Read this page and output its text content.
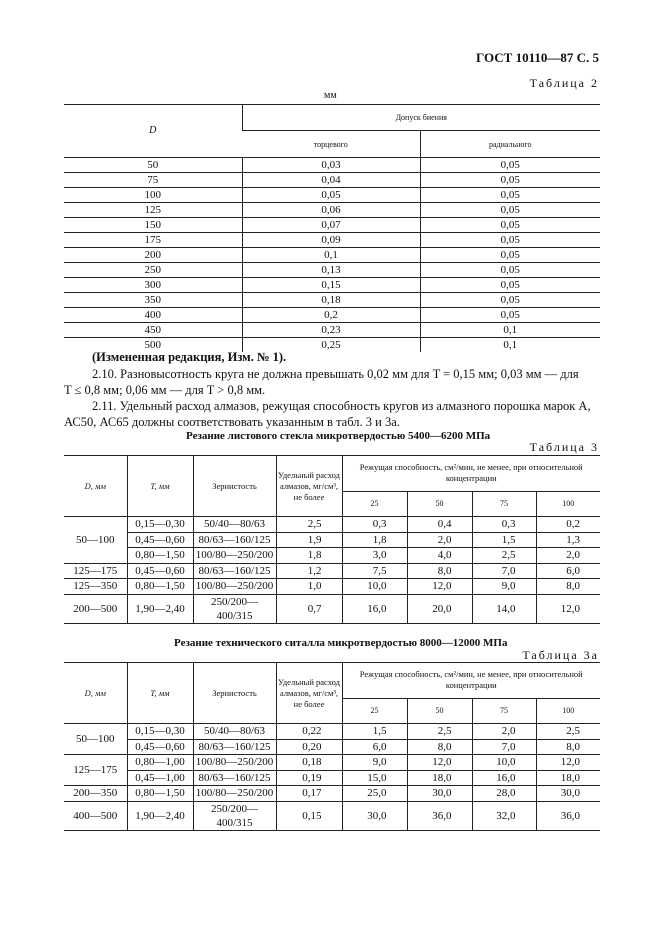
ГОСТ 10110—87 С. 5
Таблица 2
мм
D	Допуск биения	
	торцевого	радиального
50	0,03	0,05
75	0,04	0,05
100	0,05	0,05
125	0,06	0,05
150	0,07	0,05
175	0,09	0,05
200	0,1	0,05
250	0,13	0,05
300	0,15	0,05
350	0,18	0,05
400	0,2	0,05
450	0,23	0,1
500	0,25	0,1

(Измененная редакция, Изм. № 1).

2.10. Разновысотность круга не должна превышать 0,02 мм для T = 0,15 мм; 0,03 мм — для

T ≤ 0,8 мм; 0,06 мм — для T > 0,8 мм.

2.11. Удельный расход алмазов, режущая способность кругов из алмазного порошка марок А,

АС50, АС65 должны соответствовать указанным в табл. 3 и 3а.

Резание листового стекла микротвердостью 5400—6200 МПа
Таблица 3
D, мм	T, мм	Зернистость	Удельный расход алмазов, мг/см³, не более	Режущая способность, см²/мин, не менее, при относительной концентрации			
				25	50	75	100
50—100	0,15—0,30	50/40—80/63	2,5	0,3	0,4	0,3	0,2
	0,45—0,60	80/63—160/125	1,9	1,8	2,0	1,5	1,3
	0,80—1,50	100/80—250/200	1,8	3,0	4,0	2,5	2,0
125—175	0,45—0,60	80/63—160/125	1,2	7,5	8,0	7,0	6,0
125—350	0,80—1,50	100/80—250/200	1,0	10,0	12,0	9,0	8,0
200—500	1,90—2,40	250/200—400/315	0,7	16,0	20,0	14,0	12,0
Резание технического ситалла микротвердостью 8000—12000 МПа
Таблица 3а
D, мм	T, мм	Зернистость	Удельный расход алмазов, мг/см³, не более	Режущая способность, см²/мин, не менее, при относительной концентрации			
				25	50	75	100
50—100	0,15—0,30	50/40—80/63	0,22	1,5	2,5	2,0	2,5
	0,45—0,60	80/63—160/125	0,20	6,0	8,0	7,0	8,0
125—175	0,80—1,00	100/80—250/200	0,18	9,0	12,0	10,0	12,0
	0,45—1,00	80/63—160/125	0,19	15,0	18,0	16,0	18,0
200—350	0,80—1,50	100/80—250/200	0,17	25,0	30,0	28,0	30,0
400—500	1,90—2,40	250/200—400/315	0,15	30,0	36,0	32,0	36,0
